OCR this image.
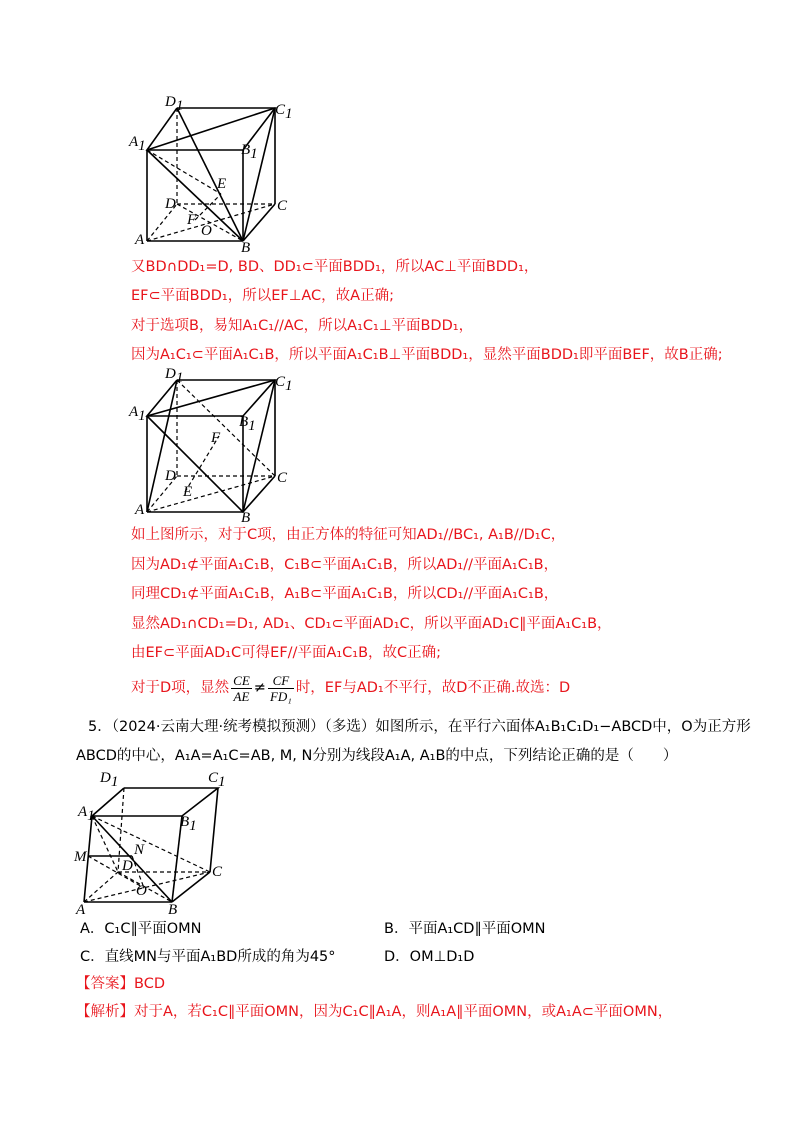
D1	C1
A1	B1
E
D	C
F
O
A	B
又BD∩DD₁=D, BD、DD₁⊂平面BDD₁，所以AC⊥平面BDD₁，
EF⊂平面BDD₁，所以EF⊥AC，故A正确;
对于选项B，易知A₁C₁//AC，所以A₁C₁⊥平面BDD₁，
因为A₁C₁⊂平面A₁C₁B，所以平面A₁C₁B⊥平面BDD₁，显然平面BDD₁即平面BEF，故B正确;
D1	C1
A1	B1
F
D	C
E
A	B
如上图所示，对于C项，由正方体的特征可知AD₁//BC₁, A₁B//D₁C，
因为AD₁⊄平面A₁C₁B，C₁B⊂平面A₁C₁B，所以AD₁//平面A₁C₁B，
同理CD₁⊄平面A₁C₁B，A₁B⊂平面A₁C₁B，所以CD₁//平面A₁C₁B，
显然AD₁∩CD₁=D₁, AD₁、CD₁⊂平面AD₁C，所以平面AD₁C∥平面A₁C₁B，
由EF⊂平面AD₁C可得EF//平面A₁C₁B，故C正确;
对于D项，显然 $\frac{CE}{AE} \ne \frac{CF}{\text{FD₁}}$ 时，EF与AD₁不平行，故D不正确.故选：D
5．（2024·云南大理·统考模拟预测）（多选）如图所示，在平行六面体A₁B₁C₁D₁−ABCD中，O为正方形
ABCD的中心，A₁A=A₁C=AB, M, N分别为线段A₁A, A₁B的中点，下列结论正确的是（　　）
D1	C1
A1	B1
M	N
D	C
O
A	B
A．C₁C∥平面OMN	B．平面A₁CD∥平面OMN
C．直线MN与平面A₁BD所成的角为45°	D．OM⊥D₁D
【答案】BCD
【解析】对于A，若C₁C∥平面OMN，因为C₁C∥A₁A，则A₁A∥平面OMN，或A₁A⊂平面OMN，
